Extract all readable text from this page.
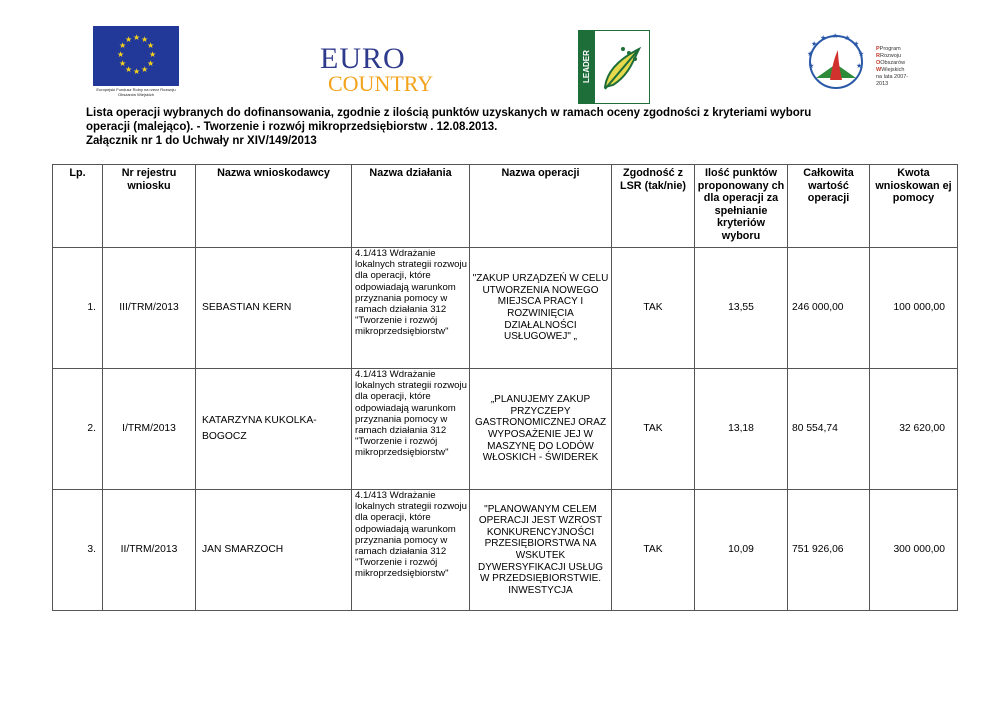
★ ★
★
★
★
★
★
★
★
★
★
★
Europejski Fundusz Rolny na rzecz Rozwoju Obszarów Wiejskich
EURO
COUNTRY
LEADER
★ ★
★
★
★
★
★
★
★
PProgram
RRozwoju
OObszarów
WWiejskich
na lata 2007-2013
Lista operacji wybranych do dofinansowania, zgodnie z ilością punktów uzyskanych w ramach oceny zgodności z kryteriami wyboru
operacji (malejąco). - Tworzenie i rozwój mikroprzedsiębiorstw . 12.08.2013.
Załącznik nr 1 do Uchwały nr XIV/149/2013
Lp.	Nr rejestru wniosku	Nazwa wnioskodawcy	Nazwa działania	Nazwa operacji	Zgodność z LSR (tak/nie)	Ilość punktów proponowany ch dla operacji za spełnianie kryteriów wyboru	Całkowita wartość operacji	Kwota wnioskowan ej pomocy
1.	III/TRM/2013	SEBASTIAN KERN	4.1/413 Wdrażanie lokalnych strategii rozwoju dla operacji, które odpowiadają warunkom przyznania pomocy w ramach działania 312 "Tworzenie i rozwój mikroprzedsiębiorstw"	"ZAKUP URZĄDZEŃ W CELU UTWORZENIA NOWEGO MIEJSCA PRACY I ROZWINIĘCIA DZIAŁALNOŚCI USŁUGOWEJ" „	TAK	13,55	246 000,00	100 000,00
2.	I/TRM/2013	KATARZYNA KUKOLKA-BOGOCZ	4.1/413 Wdrażanie lokalnych strategii rozwoju dla operacji, które odpowiadają warunkom przyznania pomocy w ramach działania 312 "Tworzenie i rozwój mikroprzedsiębiorstw"	„PLANUJEMY ZAKUP PRZYCZEPY GASTRONOMICZNEJ ORAZ WYPOSAŻENIE JEJ W MASZYNĘ DO LODÓW WŁOSKICH - ŚWIDEREK	TAK	13,18	80 554,74	32 620,00
3.	II/TRM/2013	JAN SMARZOCH	4.1/413 Wdrażanie lokalnych strategii rozwoju dla operacji, które odpowiadają warunkom przyznania pomocy w ramach działania 312 "Tworzenie i rozwój mikroprzedsiębiorstw"	"PLANOWANYM CELEM OPERACJI JEST WZROST KONKURENCYJNOŚCI PRZESIĘBIORSTWA NA WSKUTEK DYWERSYFIKACJI USŁUG W PRZEDSIĘBIORSTWIE. INWESTYCJA	TAK	10,09	751 926,06	300 000,00
